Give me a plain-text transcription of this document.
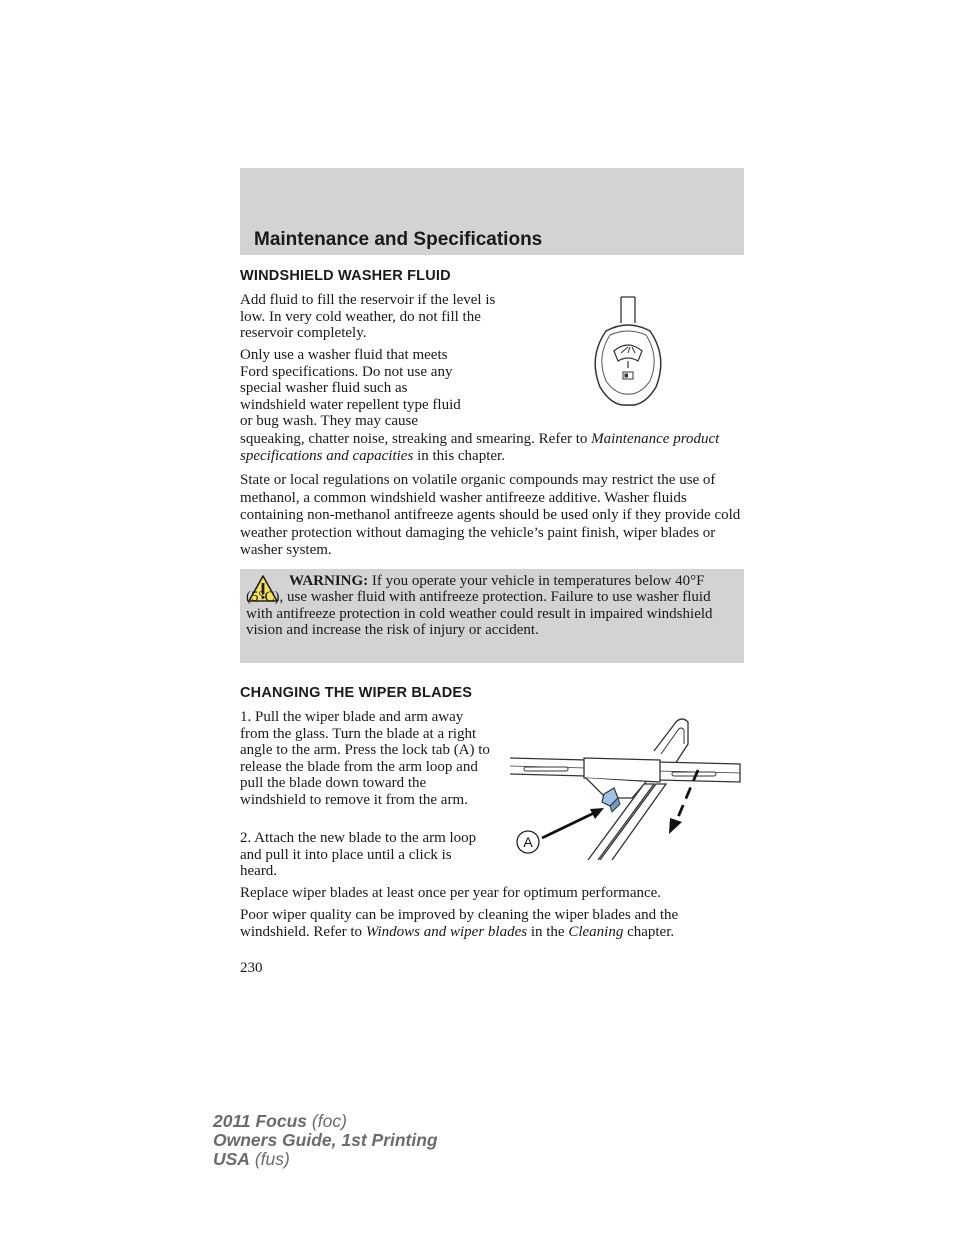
Maintenance and Specifications
WINDSHIELD WASHER FLUID

Add fluid to fill the reservoir if the level is low. In very cold weather, do not fill the reservoir completely.

Only use a washer fluid that meets
Ford specifications. Do not use any
special washer fluid such as
windshield water repellent type fluid
or bug wash. They may cause
squeaking, chatter noise, streaking and smearing. Refer to Maintenance product specifications and capacities in this chapter.

State or local regulations on volatile organic compounds may restrict the use of methanol, a common windshield washer antifreeze additive. Washer fluids containing non-methanol antifreeze agents should be used only if they provide cold weather protection without damaging the vehicle’s paint finish, wiper blades or washer system.

WARNING: If you operate your vehicle in temperatures below 40°F (5°C), use washer fluid with antifreeze protection. Failure to use washer fluid with antifreeze protection in cold weather could result in impaired windshield vision and increase the risk of injury or accident.

CHANGING THE WIPER BLADES

1. Pull the wiper blade and arm away from the glass. Turn the blade at a right angle to the arm. Press the lock tab (A) to release the blade from the arm loop and pull the blade down toward the windshield to remove it from the arm.

2. Attach the new blade to the arm loop and pull it into place until a click is heard.

A

Replace wiper blades at least once per year for optimum performance.

Poor wiper quality can be improved by cleaning the wiper blades and the windshield. Refer to Windows and wiper blades in the Cleaning chapter.

230
2011 Focus (foc)
Owners Guide, 1st Printing
USA (fus)
